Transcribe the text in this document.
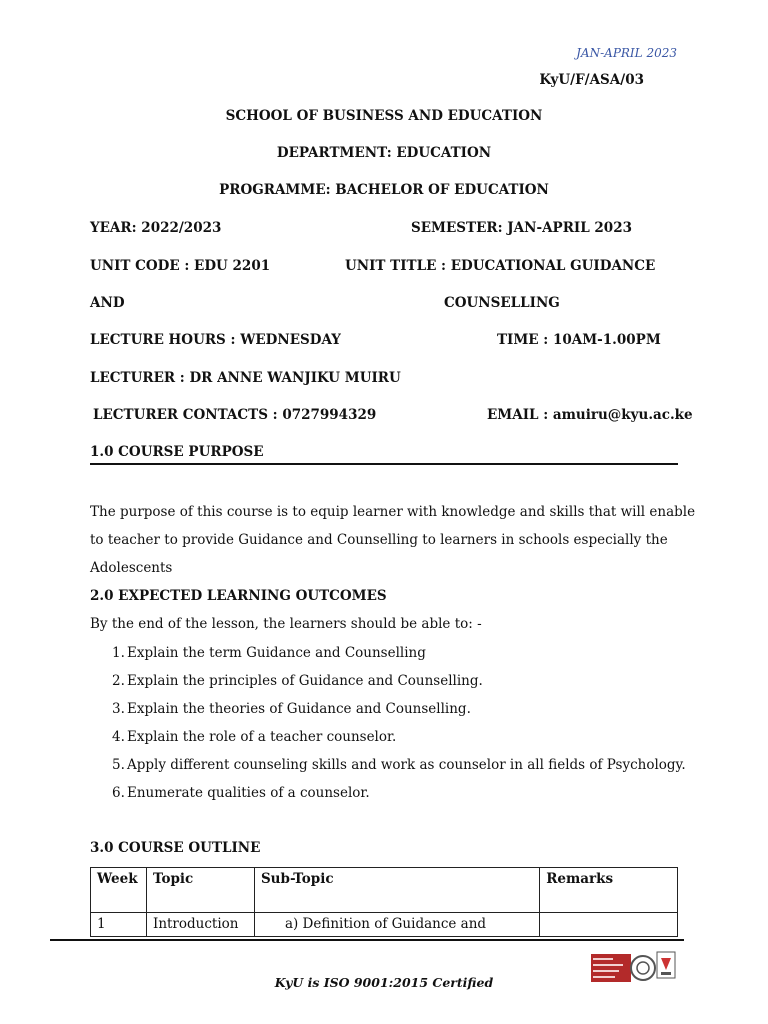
JAN-APRIL 2023
KyU/F/ASA/03
SCHOOL OF BUSINESS AND EDUCATION
DEPARTMENT: EDUCATION
PROGRAMME: BACHELOR OF EDUCATION
YEAR: 2022/2023	SEMESTER: JAN-APRIL 2023
UNIT CODE : EDU 2201	UNIT TITLE : EDUCATIONAL GUIDANCE
AND	COUNSELLING
LECTURE HOURS : WEDNESDAY	TIME : 10AM-1.00PM
LECTURER : DR ANNE WANJIKU MUIRU
LECTURER CONTACTS : 0727994329	EMAIL : amuiru@kyu.ac.ke
1.0 COURSE PURPOSE
The purpose of this course is to equip learner with knowledge and skills that will enable
to teacher to provide Guidance and Counselling to learners in schools especially the
Adolescents
2.0 EXPECTED LEARNING OUTCOMES
By the end of the lesson, the learners should be able to: -
1. Explain the term Guidance and Counselling
2. Explain the principles of Guidance and Counselling.
3. Explain the theories of Guidance and Counselling.
4. Explain the role of a teacher counselor.
5. Apply different counseling skills and work as counselor in all fields of Psychology.
6. Enumerate qualities of a counselor.
3.0 COURSE OUTLINE
Week	Topic	Sub-Topic	Remarks
1	Introduction	a) Definition of Guidance and	
KyU is ISO 9001:2015 Certified
